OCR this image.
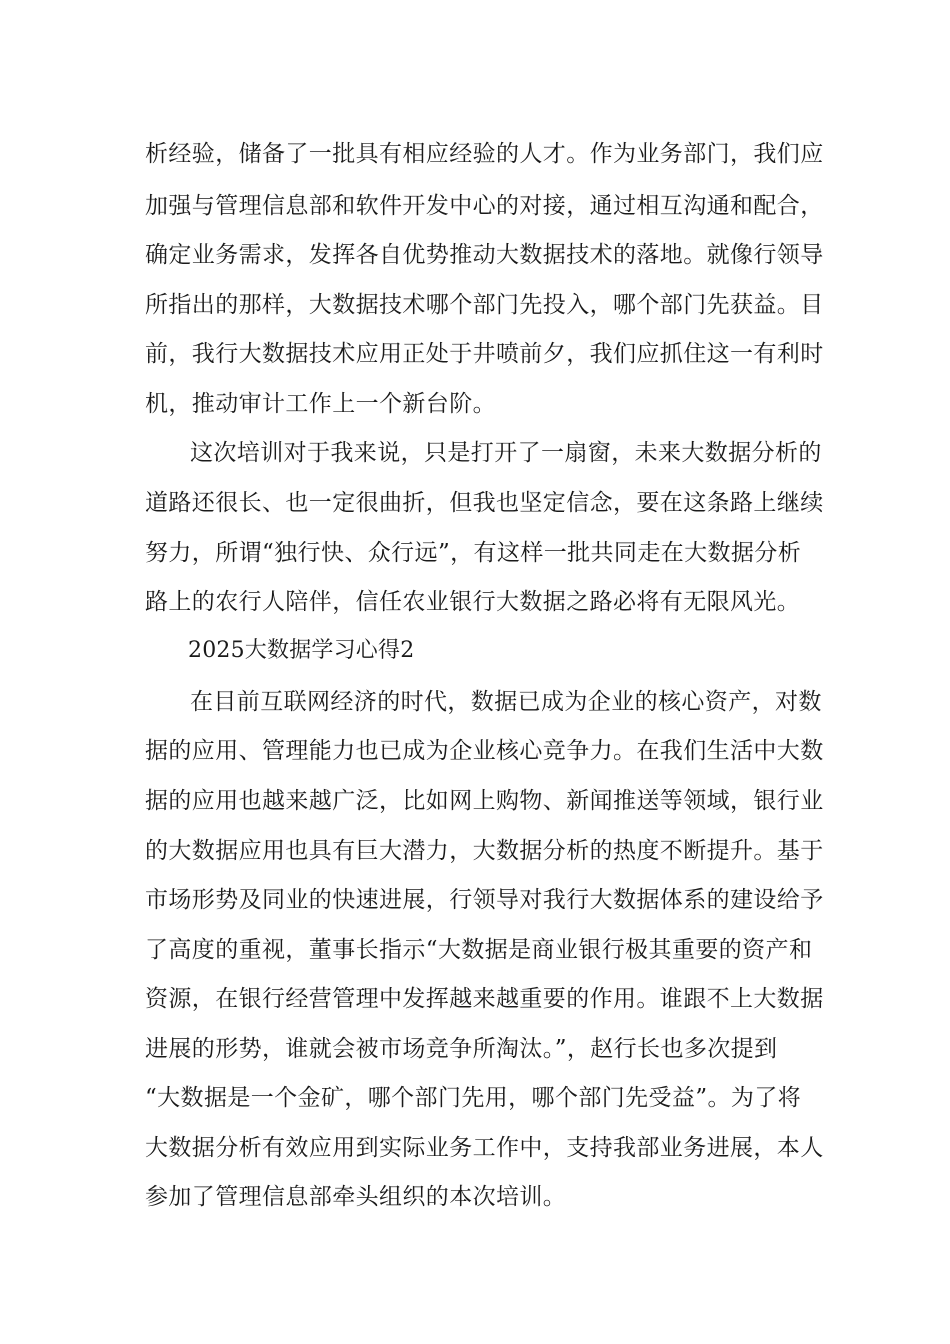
析经验，储备了一批具有相应经验的人才。作为业务部门，我们应
加强与管理信息部和软件开发中心的对接，通过相互沟通和配合，
确定业务需求，发挥各自优势推动大数据技术的落地。就像行领导
所指出的那样，大数据技术哪个部门先投入，哪个部门先获益。目
前，我行大数据技术应用正处于井喷前夕，我们应抓住这一有利时
机，推动审计工作上一个新台阶。
这次培训对于我来说，只是打开了一扇窗，未来大数据分析的
道路还很长、也一定很曲折，但我也坚定信念，要在这条路上继续
努力，所谓“独行快、众行远”，有这样一批共同走在大数据分析
路上的农行人陪伴，信任农业银行大数据之路必将有无限风光。
2025大数据学习心得2
在目前互联网经济的时代，数据已成为企业的核心资产，对数
据的应用、管理能力也已成为企业核心竞争力。在我们生活中大数
据的应用也越来越广泛，比如网上购物、新闻推送等领域，银行业
的大数据应用也具有巨大潜力，大数据分析的热度不断提升。基于
市场形势及同业的快速进展，行领导对我行大数据体系的建设给予
了高度的重视，董事长指示“大数据是商业银行极其重要的资产和
资源，在银行经营管理中发挥越来越重要的作用。谁跟不上大数据
进展的形势，谁就会被市场竞争所淘汰。”，赵行长也多次提到
“大数据是一个金矿，哪个部门先用，哪个部门先受益”。为了将
大数据分析有效应用到实际业务工作中，支持我部业务进展，本人
参加了管理信息部牵头组织的本次培训。
